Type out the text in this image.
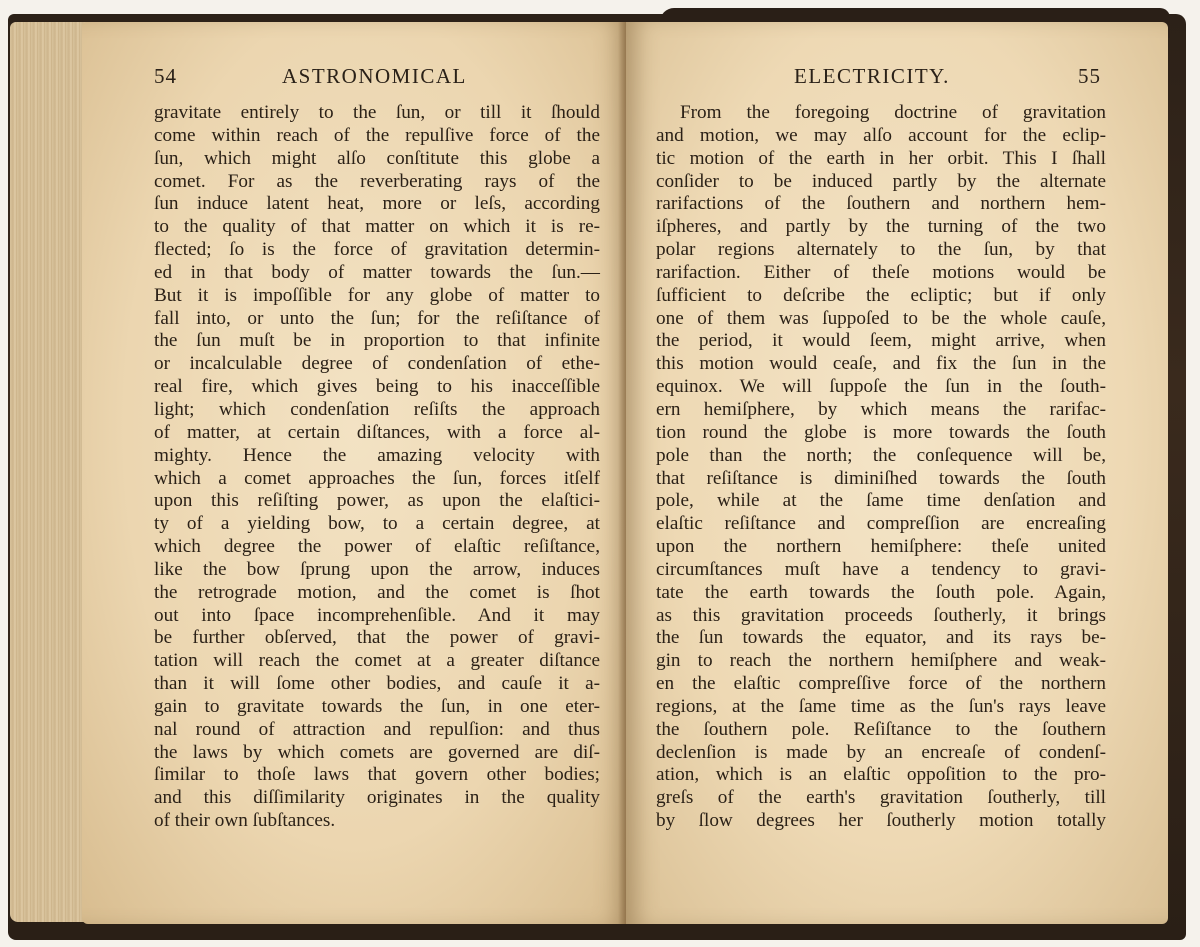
54	ASTRONOMICAL
gravitate entirely to the ſun, or till it ſhould
come within reach of the repulſive force of the
ſun, which might alſo conſtitute this globe a
comet. For as the reverberating rays of the
ſun induce latent heat, more or leſs, according
to the quality of that matter on which it is re-
flected; ſo is the force of gravitation determin-
ed in that body of matter towards the ſun.—
But it is impoſſible for any globe of matter to
fall into, or unto the ſun; for the reſiſtance of
the ſun muſt be in proportion to that infinite
or incalculable degree of condenſation of ethe-
real fire, which gives being to his inacceſſible
light; which condenſation reſiſts the approach
of matter, at certain diſtances, with a force al-
mighty. Hence the amazing velocity with
which a comet approaches the ſun, forces itſelf
upon this reſiſting power, as upon the elaſtici-
ty of a yielding bow, to a certain degree, at
which degree the power of elaſtic reſiſtance,
like the bow ſprung upon the arrow, induces
the retrograde motion, and the comet is ſhot
out into ſpace incomprehenſible. And it may
be further obſerved, that the power of gravi-
tation will reach the comet at a greater diſtance
than it will ſome other bodies, and cauſe it a-
gain to gravitate towards the ſun, in one eter-
nal round of attraction and repulſion: and thus
the laws by which comets are governed are diſ-
ſimilar to thoſe laws that govern other bodies;
and this diſſimilarity originates in the quality
of their own ſubſtances.
ELECTRICITY.	55
From the foregoing doctrine of gravitation
and motion, we may alſo account for the eclip-
tic motion of the earth in her orbit. This I ſhall
conſider to be induced partly by the alternate
rarifactions of the ſouthern and northern hem-
iſpheres, and partly by the turning of the two
polar regions alternately to the ſun, by that
rarifaction. Either of theſe motions would be
ſufficient to deſcribe the ecliptic; but if only
one of them was ſuppoſed to be the whole cauſe,
the period, it would ſeem, might arrive, when
this motion would ceaſe, and fix the ſun in the
equinox. We will ſuppoſe the ſun in the ſouth-
ern hemiſphere, by which means the rarifac-
tion round the globe is more towards the ſouth
pole than the north; the conſequence will be,
that reſiſtance is diminiſhed towards the ſouth
pole, while at the ſame time denſation and
elaſtic reſiſtance and compreſſion are encreaſing
upon the northern hemiſphere: theſe united
circumſtances muſt have a tendency to gravi-
tate the earth towards the ſouth pole. Again,
as this gravitation proceeds ſoutherly, it brings
the ſun towards the equator, and its rays be-
gin to reach the northern hemiſphere and weak-
en the elaſtic compreſſive force of the northern
regions, at the ſame time as the ſun's rays leave
the ſouthern pole. Reſiſtance to the ſouthern
declenſion is made by an encreaſe of condenſ-
ation, which is an elaſtic oppoſition to the pro-
greſs of the earth's gravitation ſoutherly, till
by ſlow degrees her ſoutherly motion totally
